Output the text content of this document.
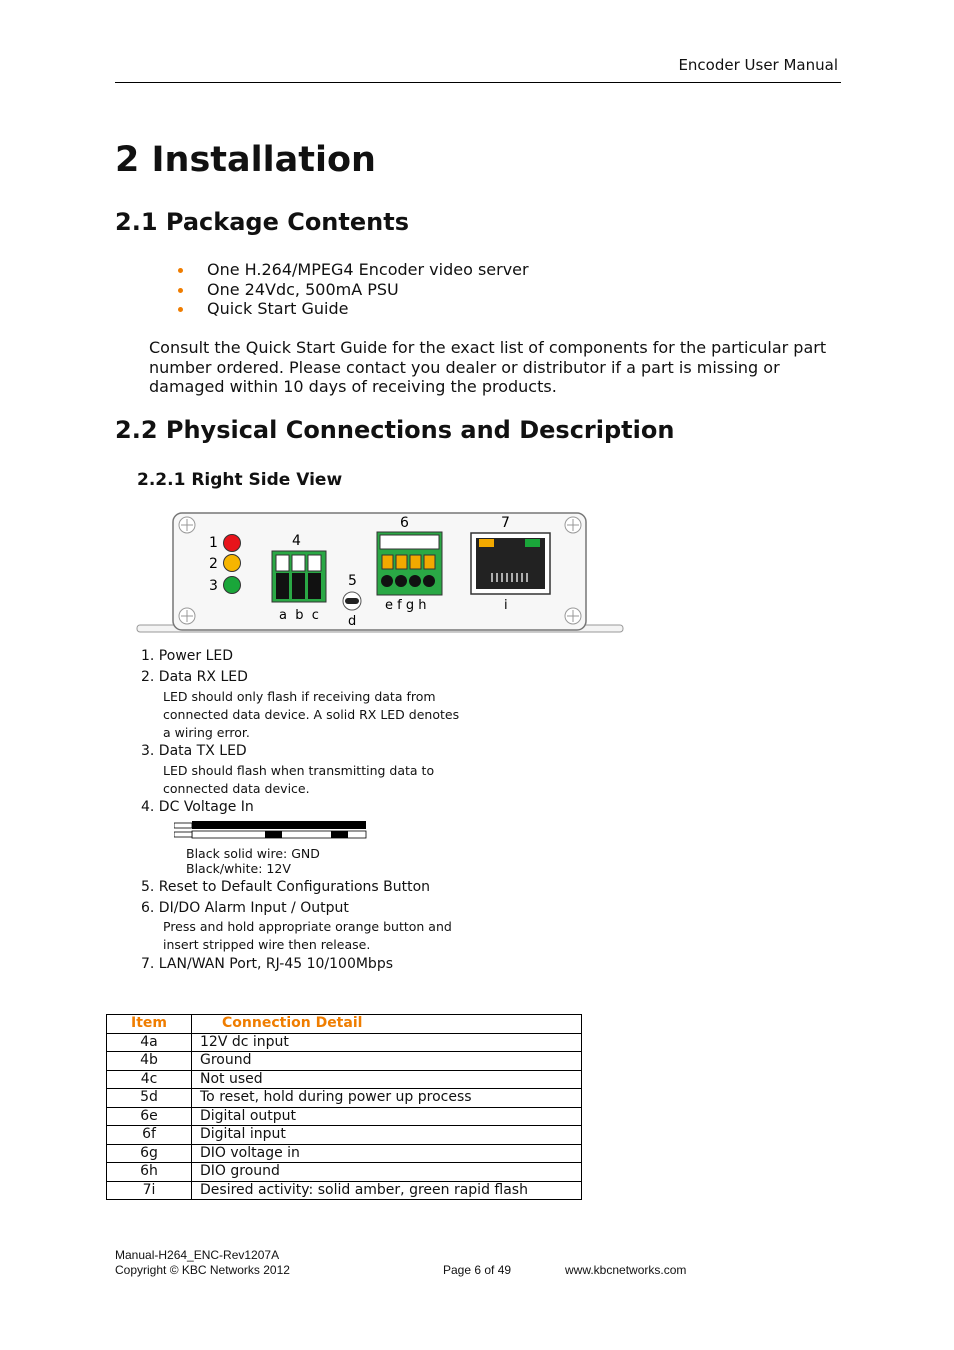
Encoder User Manual
2 Installation
2.1 Package Contents
One H.264/MPEG4 Encoder video server
One 24Vdc, 500mA PSU
Quick Start Guide
Consult the Quick Start Guide for the exact list of components for the particular part number ordered. Please contact you dealer or distributor if a part is missing or damaged within 10 days of receiving the products.
2.2 Physical Connections and Description
2.2.1 Right Side View
1
2
3
4
a  b  c
5
d
6
e f g h
7
i
1. Power LED
2. Data RX LED
LED should only flash if receiving data from connected data device. A solid RX LED denotes a wiring error.
3. Data TX LED
LED should flash when transmitting data to connected data device.
4. DC Voltage In
5. Reset to Default Configurations Button
6. DI/DO Alarm Input / Output
Press and hold appropriate orange button and insert stripped wire then release.
7. LAN/WAN Port, RJ-45 10/100Mbps
Black solid wire: GND
Black/white: 12V
Item	Connection Detail
4a	12V dc input
4b	Ground
4c	Not used
5d	To reset, hold during power up process
6e	Digital output
6f	Digital input
6g	DIO voltage in
6h	DIO ground
7i	Desired activity: solid amber, green rapid flash
Manual-H264_ENC-Rev1207A
Copyright © KBC Networks 2012	Page 6 of 49	www.kbcnetworks.com
